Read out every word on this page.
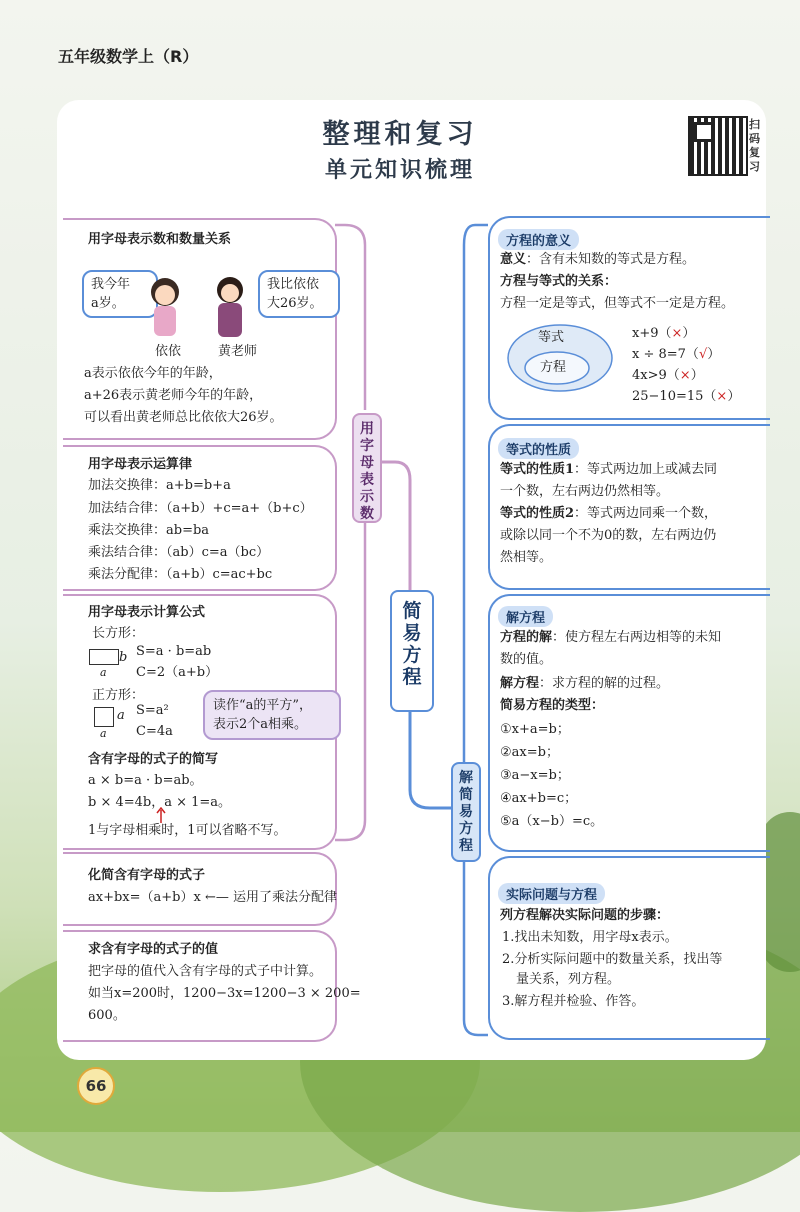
五年级数学上（R）
整理和复习
单元知识梳理
扫码复习
简易方程
用字母表示数
解简易方程
用字母表示数和数量关系
我今年
a岁。
我比依依
大26岁。
依依	黄老师
a表示依依今年的年龄，
a+26表示黄老师今年的年龄，
可以看出黄老师总比依依大26岁。
用字母表示运算律
加法交换律：a+b=b+a
加法结合律：（a+b）+c=a+（b+c）
乘法交换律：ab=ba
乘法结合律：（ab）c=a（bc）
乘法分配律：（a+b）c=ac+bc
用字母表示计算公式
长方形：
b
a
S=a · b=ab
C=2（a+b）
正方形：
a
a
S=a²
C=4a
读作“a的平方”，
表示2个a相乘。
含有字母的式子的简写
a × b=a · b=ab。
b × 4=4b，a × 1=a。
1与字母相乘时，1可以省略不写。
化简含有字母的式子
ax+bx=（a+b）x ←— 运用了乘法分配律
求含有字母的式子的值
把字母的值代入含有字母的式子中计算。
如当x=200时，1200−3x=1200−3 × 200=
600。
方程的意义
意义：含有未知数的等式是方程。
方程与等式的关系：
方程一定是等式，但等式不一定是方程。
等式
方程
x+9（×）
x ÷ 8=7（√）
4x>9（×）
25−10=15（×）
等式的性质
等式的性质1：等式两边加上或减去同
一个数，左右两边仍然相等。
等式的性质2：等式两边同乘一个数，
或除以同一个不为0的数，左右两边仍
然相等。
解方程
方程的解：使方程左右两边相等的未知
数的值。
解方程：求方程的解的过程。
简易方程的类型：
①x+a=b；
②ax=b；
③a−x=b；
④ax+b=c；
⑤a（x−b）=c。
实际问题与方程
列方程解决实际问题的步骤：
1.找出未知数，用字母x表示。
2.分析实际问题中的数量关系，找出等
量关系，列方程。
3.解方程并检验、作答。
66
